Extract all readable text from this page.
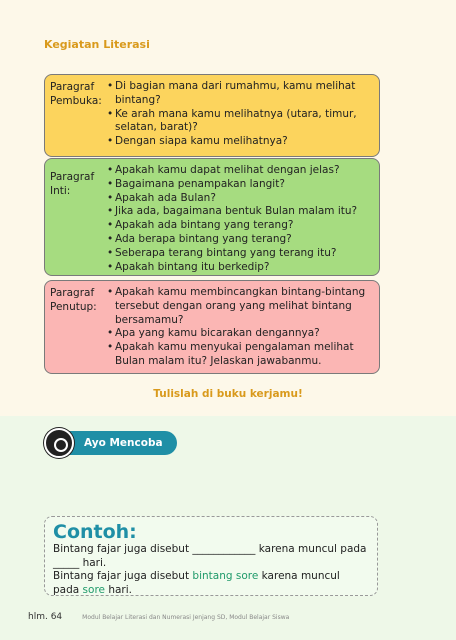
Kegiatan Literasi
Paragraf Pembuka:
• Di bagian mana dari rumahmu, kamu melihat bintang?
• Ke arah mana kamu melihatnya (utara, timur, selatan, barat)?
• Dengan siapa kamu melihatnya?
Paragraf Inti:
• Apakah kamu dapat melihat dengan jelas?
• Bagaimana penampakan langit?
• Apakah ada Bulan?
• Jika ada, bagaimana bentuk Bulan malam itu?
• Apakah ada bintang yang terang?
• Ada berapa bintang yang terang?
• Seberapa terang bintang yang terang itu?
• Apakah bintang itu berkedip?
Paragraf Penutup:
• Apakah kamu membincangkan bintang-bintang tersebut dengan orang yang melihat bintang bersamamu?
• Apa yang kamu bicarakan dengannya?
• Apakah kamu menyukai pengalaman melihat Bulan malam itu? Jelaskan jawabanmu.
Tulislah di buku kerjamu!
Ayo Mencoba
Contoh:

Bintang fajar juga disebut ____________ karena muncul pada _____ hari.

Bintang fajar juga disebut bintang sore karena muncul pada sore hari.

hlm. 64	Modul Belajar Literasi dan Numerasi Jenjang SD, Modul Belajar Siswa
